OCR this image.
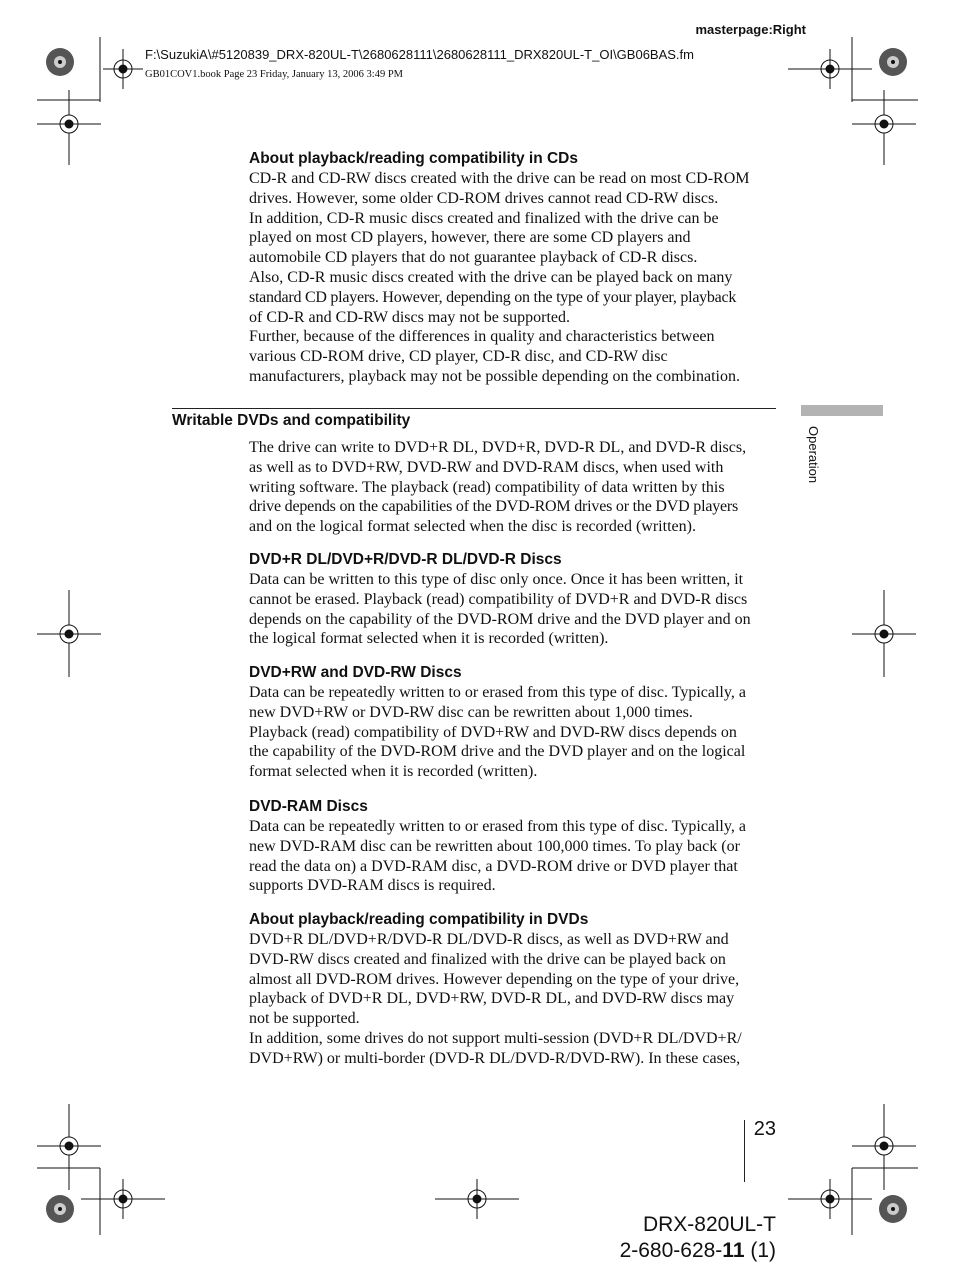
masterpage:Right
F:\SuzukiA\#5120839_DRX-820UL-T\2680628111\2680628111_DRX820UL-T_OI\GB06BAS.fm
GB01COV1.book Page 23 Friday, January 13, 2006 3:49 PM

About playback/reading compatibility in CDs

CD-R and CD-RW discs created with the drive can be read on most CD-ROM

drives. However, some older CD-ROM drives cannot read CD-RW discs.

In addition, CD-R music discs created and finalized with the drive can be

played on most CD players, however, there are some CD players and

automobile CD players that do not guarantee playback of CD-R discs.

Also, CD-R music discs created with the drive can be played back on many

standard CD players. However, depending on the type of your player, playback

of CD-R and CD-RW discs may not be supported.

Further, because of the differences in quality and characteristics between

various CD-ROM drive, CD player, CD-R disc, and CD-RW disc

manufacturers, playback may not be possible depending on the combination.

Operation

Writable DVDs and compatibility

The drive can write to DVD+R DL, DVD+R, DVD-R DL, and DVD-R discs,

as well as to DVD+RW, DVD-RW and DVD-RAM discs, when used with

writing software. The playback (read) compatibility of data written by this

drive depends on the capabilities of the DVD-ROM drives or the DVD players

and on the logical format selected when the disc is recorded (written).

DVD+R DL/DVD+R/DVD-R DL/DVD-R Discs

Data can be written to this type of disc only once. Once it has been written, it

cannot be erased. Playback (read) compatibility of DVD+R and DVD-R discs

depends on the capability of the DVD-ROM drive and the DVD player and on

the logical format selected when it is recorded (written).

DVD+RW and DVD-RW Discs

Data can be repeatedly written to or erased from this type of disc. Typically, a

new DVD+RW or DVD-RW disc can be rewritten about 1,000 times.

Playback (read) compatibility of DVD+RW and DVD-RW discs depends on

the capability of the DVD-ROM drive and the DVD player and on the logical

format selected when it is recorded (written).

DVD-RAM Discs

Data can be repeatedly written to or erased from this type of disc. Typically, a

new DVD-RAM disc can be rewritten about 100,000 times. To play back (or

read the data on) a DVD-RAM disc, a DVD-ROM drive or DVD player that

supports DVD-RAM discs is required.

About playback/reading compatibility in DVDs

DVD+R DL/DVD+R/DVD-R DL/DVD-R discs, as well as DVD+RW and

DVD-RW discs created and finalized with the drive can be played back on

almost all DVD-ROM drives. However depending on the type of your drive,

playback of DVD+R DL, DVD+RW, DVD-R DL, and DVD-RW discs may

not be supported.

In addition, some drives do not support multi-session (DVD+R DL/DVD+R/

DVD+RW) or multi-border (DVD-R DL/DVD-R/DVD-RW). In these cases,

23
DRX-820UL-T
2-680-628-11 (1)
